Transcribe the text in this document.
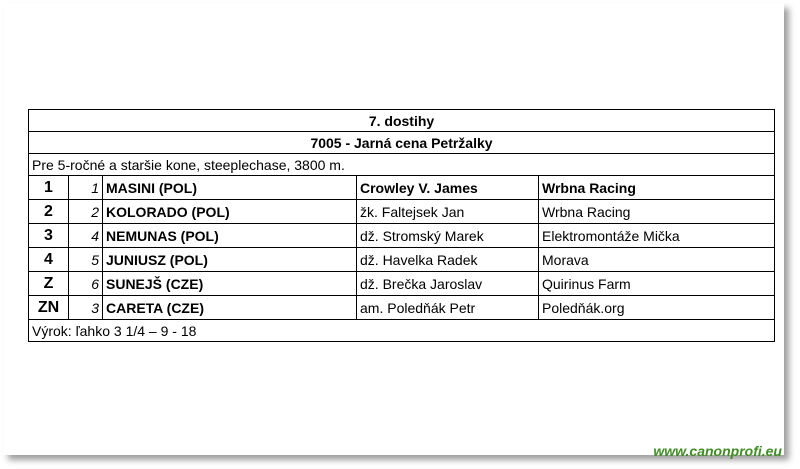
7. dostihy				
7005 - Jarná cena Petržalky				
Pre 5-ročné a staršie kone, steeplechase, 3800 m.				
1	1	MASINI (POL)	Crowley V. James	Wrbna Racing
2	2	KOLORADO (POL)	žk. Faltejsek Jan	Wrbna Racing
3	4	NEMUNAS (POL)	dž. Stromský Marek	Elektromontáže Mička
4	5	JUNIUSZ (POL)	dž. Havelka Radek	Morava
Z	6	SUNEJŠ (CZE)	dž. Brečka Jaroslav	Quirinus Farm
ZN	3	CARETA (CZE)	am. Poledňák Petr	Poledňák.org
Výrok: ľahko 3 1/4 – 9 - 18				
www.canonprofi.eu
